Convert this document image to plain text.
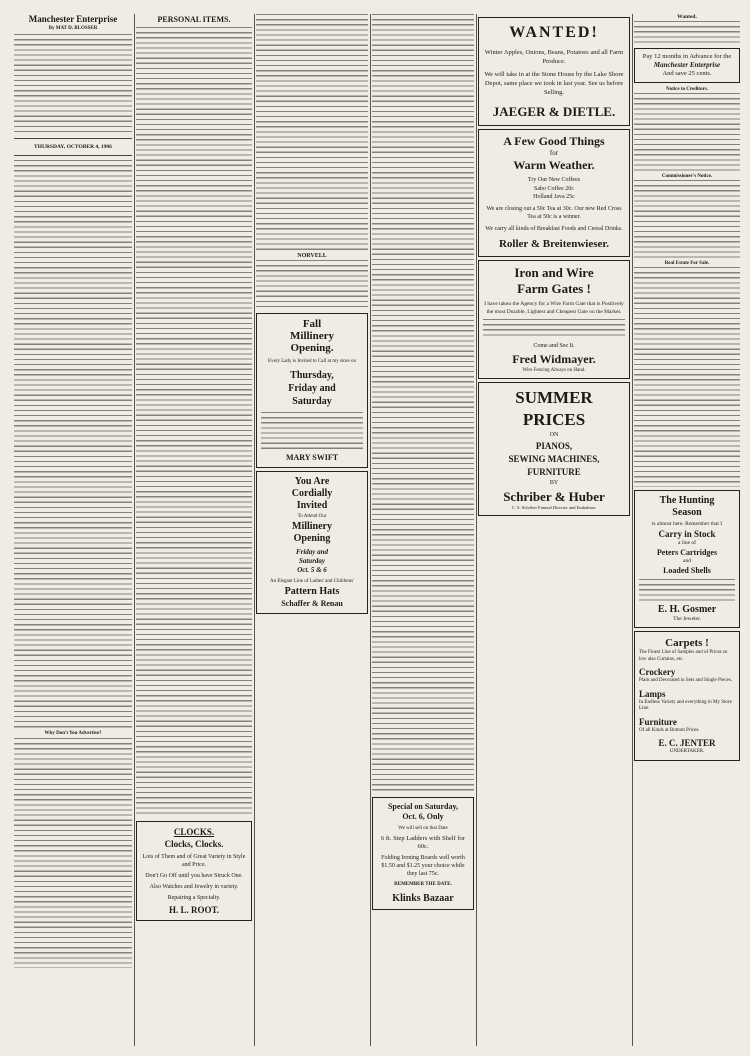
Manchester Enterprise
By MAT D. BLOSSER
THURSDAY, OCTOBER 4, 1906
Why Don't You Advertise?
PERSONAL ITEMS.
CLOCKS.
Clocks, Clocks.
Lots of Them and of Great Variety in Style and Price.
Don't Go Off until you have Struck One.
Also Watches and Jewelry in variety.
Repairing a Specialty.
H. L. ROOT.
NORVELL
Fall
Millinery
Opening.
Every Lady is Invited to Call at my store on
Thursday,
Friday and
Saturday
MARY SWIFT
You Are
Cordially
Invited
To Attend Our
Millinery
Opening
Friday and
Saturday
Oct. 5 & 6
An Elegant Line of Ladies' and Childrens'
Pattern Hats
Schaffer & Renau
Special on Saturday,
Oct. 6, Only
We will sell on that Date
6 ft. Step Ladders with Shelf for 60c.
Folding Ironing Boards well worth $1.50 and $1.25 your choice while they last 75c.
REMEMBER THE DATE.
Klinks Bazaar
WANTED!
Winter Apples, Onions, Beans, Potatoes and all Farm Produce.
We will take in at the Stone House by the Lake Shore Depot, same place we took in last year. See us before Selling.
JAEGER & DIETLE.
A Few Good Things
for
Warm Weather.
Try Our New Coffees
Sabo Coffee 20c
Holland Java 25c
We are closing out a 50c Tea at 30c. Our new Red Cross Tea at 50c is a winner.
We carry all kinds of Breakfast Foods and Cereal Drinks.
Roller & Breitenwieser.
Iron and Wire
Farm Gates !
I have taken the Agency for a Wire Farm Gate that is Positively the most Durable, Lightest and Cheapest Gate on the Market.
Come and See It.
Fred Widmayer.
Wire Fencing Always on Hand.
SUMMER PRICES
ON
PIANOS,
SEWING MACHINES,
FURNITURE
BY
Schriber & Huber
C. S. Schriber Funeral Director and Embalmer.
Wanted.
Pay 12 months in Advance for the
Manchester Enterprise
And save 25 cents.
Notice to Creditors.
Commissioner's Notice.
Real Estate For Sale.
The Hunting
Season
is almost here. Remember that I
Carry in Stock
a line of
Peters Cartridges
and
Loaded Shells
E. H. Gosmer
The Jeweler.
Carpets !
The Finest Line of Samples and of Prices so low also Curtains, etc.
Crockery
Plain and Decorated in Sets and Single Pieces.
Lamps
In Endless Variety and everything in My Store Line.
Furniture
Of all Kinds at Bottom Prices.
E. C. JENTER
UNDERTAKER.
